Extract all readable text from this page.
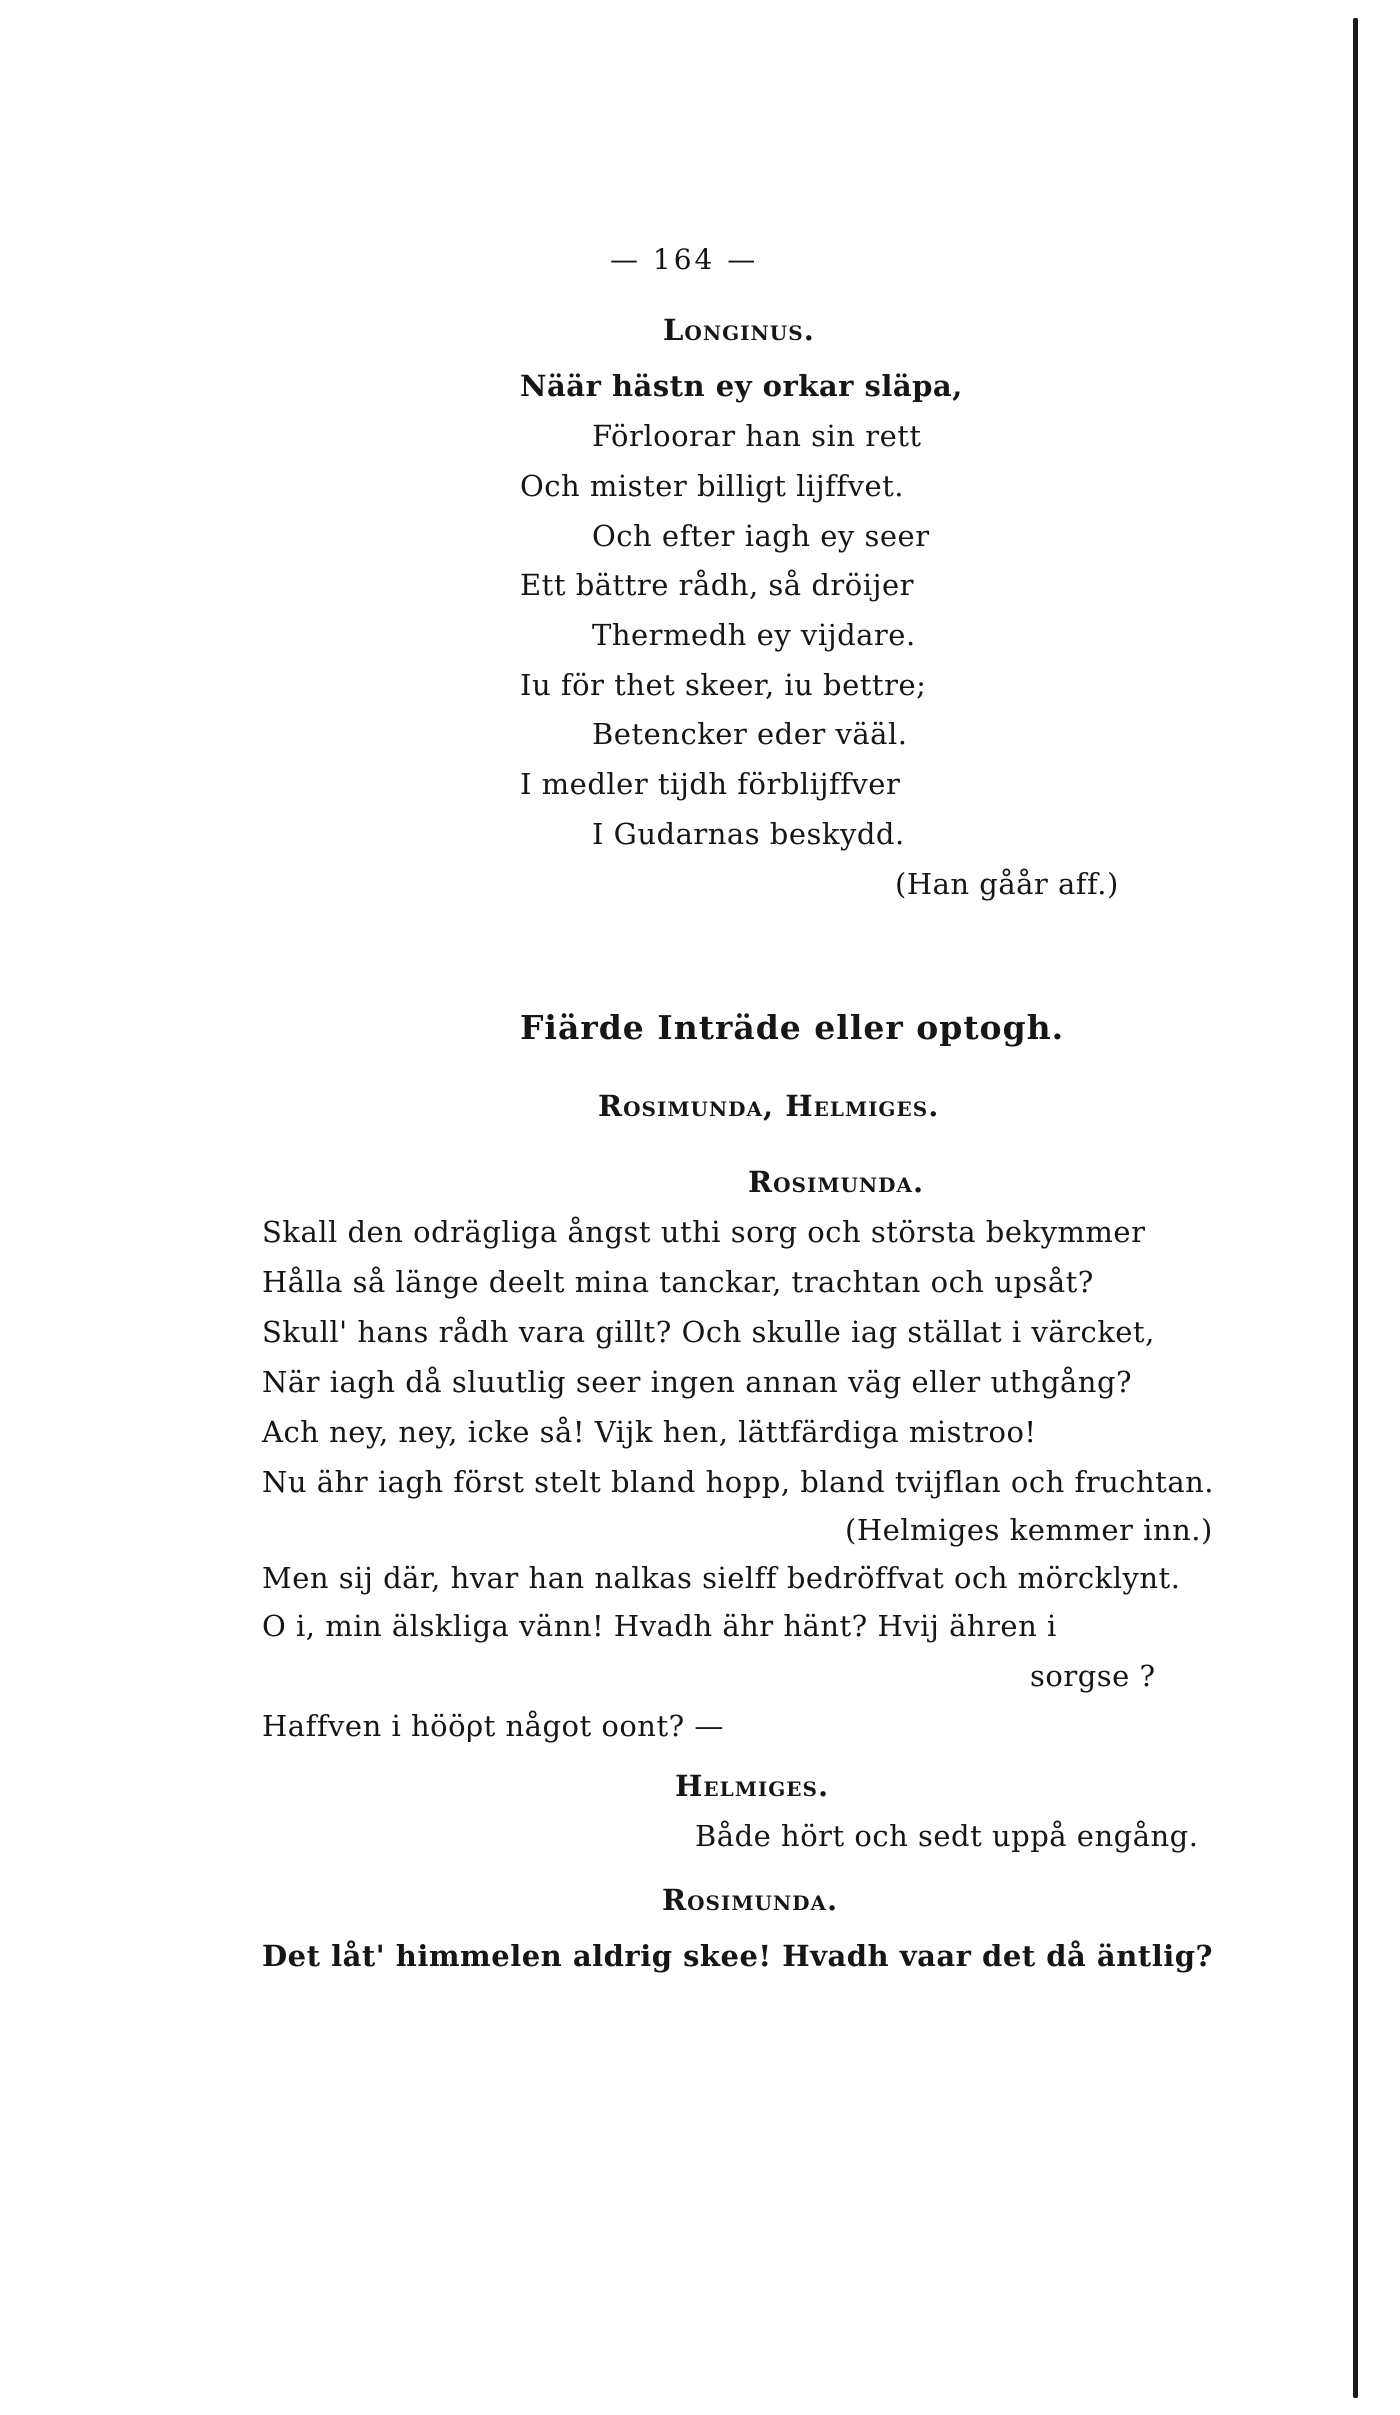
— 164 —
Longinus.
Näär hästn ey orkar släpa,
Förloorar han sin rett
Och mister billigt lijffvet.
Och efter iagh ey seer
Ett bättre rådh, så dröijer
Thermedh ey vijdare.
Iu för thet skeer, iu bettre;
Betencker eder vääl.
I medler tijdh förblijffver
I Gudarnas beskydd.
(Han gåår aff.)
Fiärde Inträde eller optogh.
Rosimunda, Helmiges.
Rosimunda.
Skall den odrägliga ångst uthi sorg och största bekymmer
Hålla så länge deelt mina tanckar, trachtan och upsåt?
Skull' hans rådh vara gillt? Och skulle iag ställat i värcket,
När iagh då sluutlig seer ingen annan väg eller uthgång?
Ach ney, ney, icke så! Vijk hen, lättfärdiga mistroo!
Nu ähr iagh först stelt bland hopp, bland tvijflan och fruchtan.
(Helmiges kemmer inn.)
Men sij där, hvar han nalkas sielff bedröffvat och mörcklynt.
O i, min älskliga vänn! Hvadh ähr hänt? Hvij ähren i
sorgse ?
Haffven i hööρt något oont? —
Helmiges.
Både hört och sedt uppå engång.
Rosimunda.
Det låt' himmelen aldrig skee! Hvadh vaar det då äntlig?
